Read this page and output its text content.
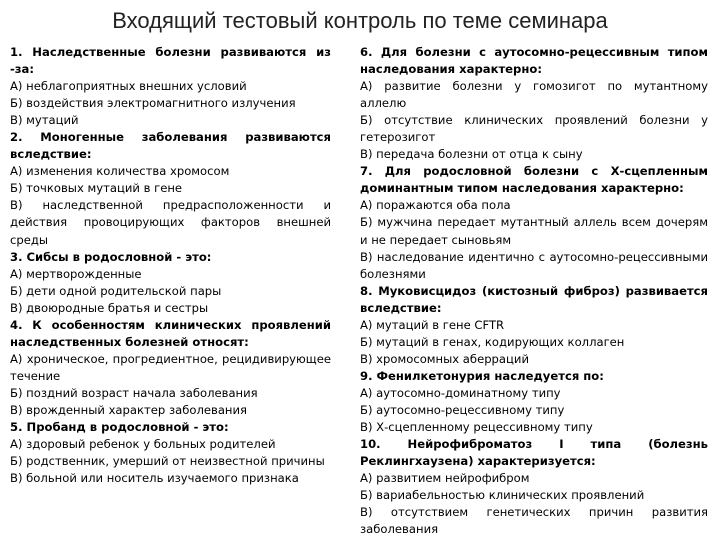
Входящий тестовый контроль по теме семинара

1. Наследственные болезни развиваются из -за:

А) неблагоприятных внешних условий

Б) воздействия электромагнитного излучения

В) мутаций

2. Моногенные заболевания развиваются вследствие:

А) изменения количества хромосом

Б) точковых мутаций в гене

В) наследственной предрасположенности и действия провоцирующих факторов внешней среды

3. Сибсы в родословной - это:

А) мертворожденные

Б) дети одной родительской пары

В) двоюродные братья и сестры

4. К особенностям клинических проявлений наследственных болезней относят:

А) хроническое, прогредиентное, рецидивирующее течение

Б) поздний возраст начала заболевания

В) врожденный характер заболевания

5. Пробанд в родословной - это:

А) здоровый ребенок у больных родителей

Б) родственник, умерший от неизвестной причины

В) больной или носитель изучаемого признака

6. Для болезни с аутосомно-рецессивным типом наследования характерно:

А) развитие болезни у гомозигот по мутантному аллелю

Б) отсутствие клинических проявлений болезни у гетерозигот

В) передача болезни от отца к сыну

7. Для родословной болезни с Х-сцепленным доминантным типом наследования характерно:

А) поражаются оба пола

Б) мужчина передает мутантный аллель всем дочерям и не передает сыновьям

В) наследование идентично с аутосомно-рецессивными болезнями

8. Муковисцидоз (кистозный фиброз) развивается вследствие:

А) мутаций в гене CFTR

Б) мутаций в генах, кодирующих коллаген

В) хромосомных аберраций

9. Фенилкетонурия наследуется по:

А) аутосомно-доминатному типу

Б) аутосомно-рецессивному типу

В) Х-сцепленному рецессивному типу

10. Нейрофиброматоз I типа (болезнь Реклингхаузена) характеризуется:

А) развитием нейрофибром

Б) вариабельностью клинических проявлений

В) отсутствием генетических причин развития заболевания
